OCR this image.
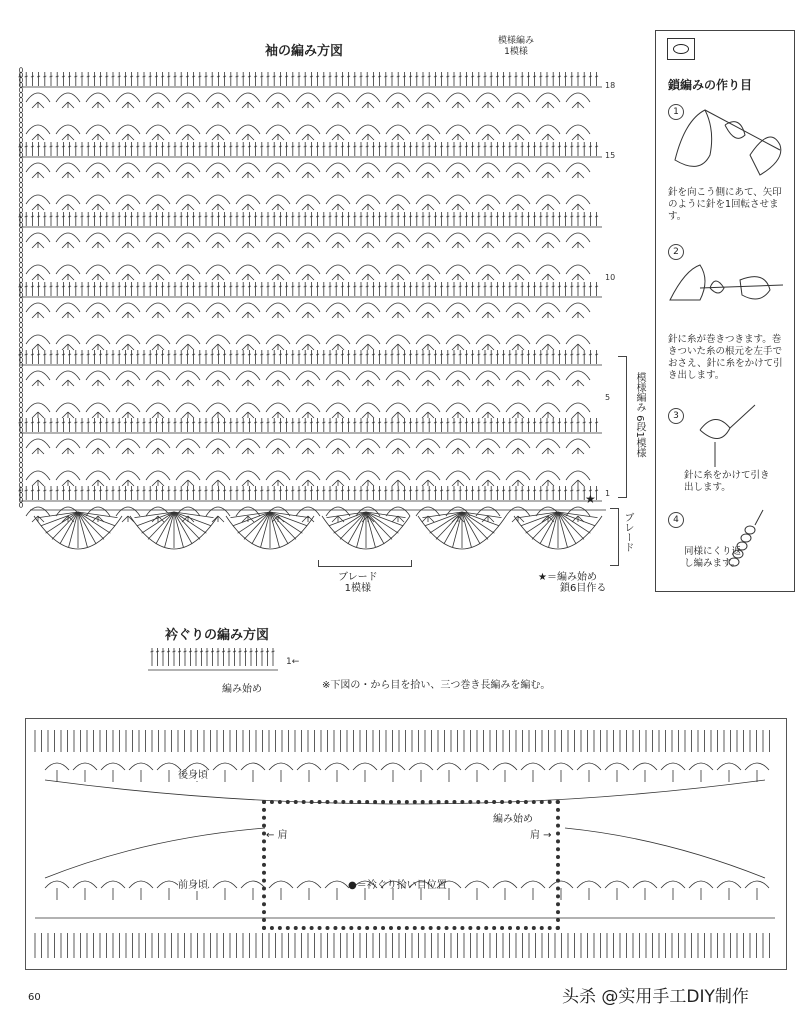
袖の編み方図
模様編み
1模様
18
15
10
5
1
模様編み 6段1模様
ブレード
ブレード
1模様
★＝編み始め
鎖6目作る
★
鎖編みの作り目
1
針を向こう側にあて、矢印のように針を1回転させます。
2
針に糸が巻きつきます。巻きついた糸の根元を左手でおさえ、針に糸をかけて引き出します。
3
針に糸をかけて引き出します。
4
同様にくり返し編みます。
衿ぐりの編み方図
1←
編み始め	※下図の・から目を拾い、三つ巻き長編みを編む。
後身頃
前身頃
← 肩	肩 →
編み始め
●＝衿ぐり拾い目位置
60	头杀 @实用手工DIY制作
